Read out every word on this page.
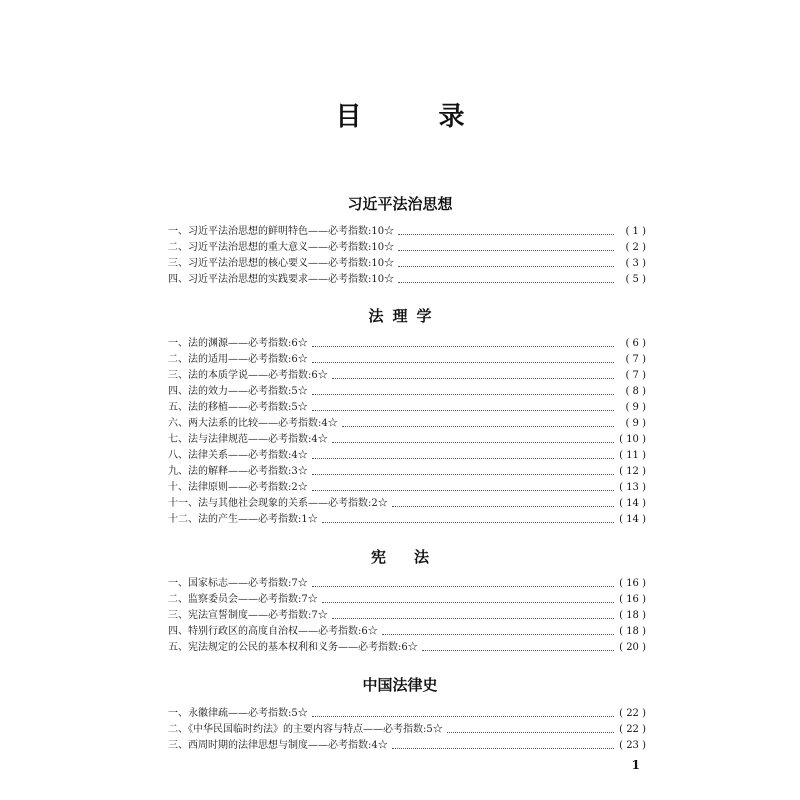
目 录
习近平法治思想
一、习近平法治思想的鲜明特色 ——必考指数:10☆	( 1 )
二、习近平法治思想的重大意义 ——必考指数:10☆	( 2 )
三、习近平法治思想的核心要义 ——必考指数:10☆	( 3 )
四、习近平法治思想的实践要求 ——必考指数:10☆	( 5 )
法理学
一、法的渊源 ——必考指数:6☆	( 6 )
二、法的适用 ——必考指数:6☆	( 7 )
三、法的本质学说 ——必考指数:6☆	( 7 )
四、法的效力 ——必考指数:5☆	( 8 )
五、法的移植 ——必考指数:5☆	( 9 )
六、两大法系的比较 ——必考指数:4☆	( 9 )
七、法与法律规范 ——必考指数:4☆	( 10 )
八、法律关系 ——必考指数:4☆	( 11 )
九、法的解释 ——必考指数:3☆	( 12 )
十、法律原则 ——必考指数:2☆	( 13 )
十一、法与其他社会现象的关系 ——必考指数:2☆	( 14 )
十二、法的产生 ——必考指数:1☆	( 14 )
宪法
一、国家标志 ——必考指数:7☆	( 16 )
二、监察委员会 ——必考指数:7☆	( 16 )
三、宪法宣誓制度 ——必考指数:7☆	( 18 )
四、特别行政区的高度自治权 ——必考指数:6☆	( 18 )
五、宪法规定的公民的基本权利和义务 ——必考指数:6☆	( 20 )
中国法律史
一、永徽律疏 ——必考指数:5☆	( 22 )
二、《中华民国临时约法》的主要内容与特点 ——必考指数:5☆	( 22 )
三、西周时期的法律思想与制度 ——必考指数:4☆	( 23 )
1
